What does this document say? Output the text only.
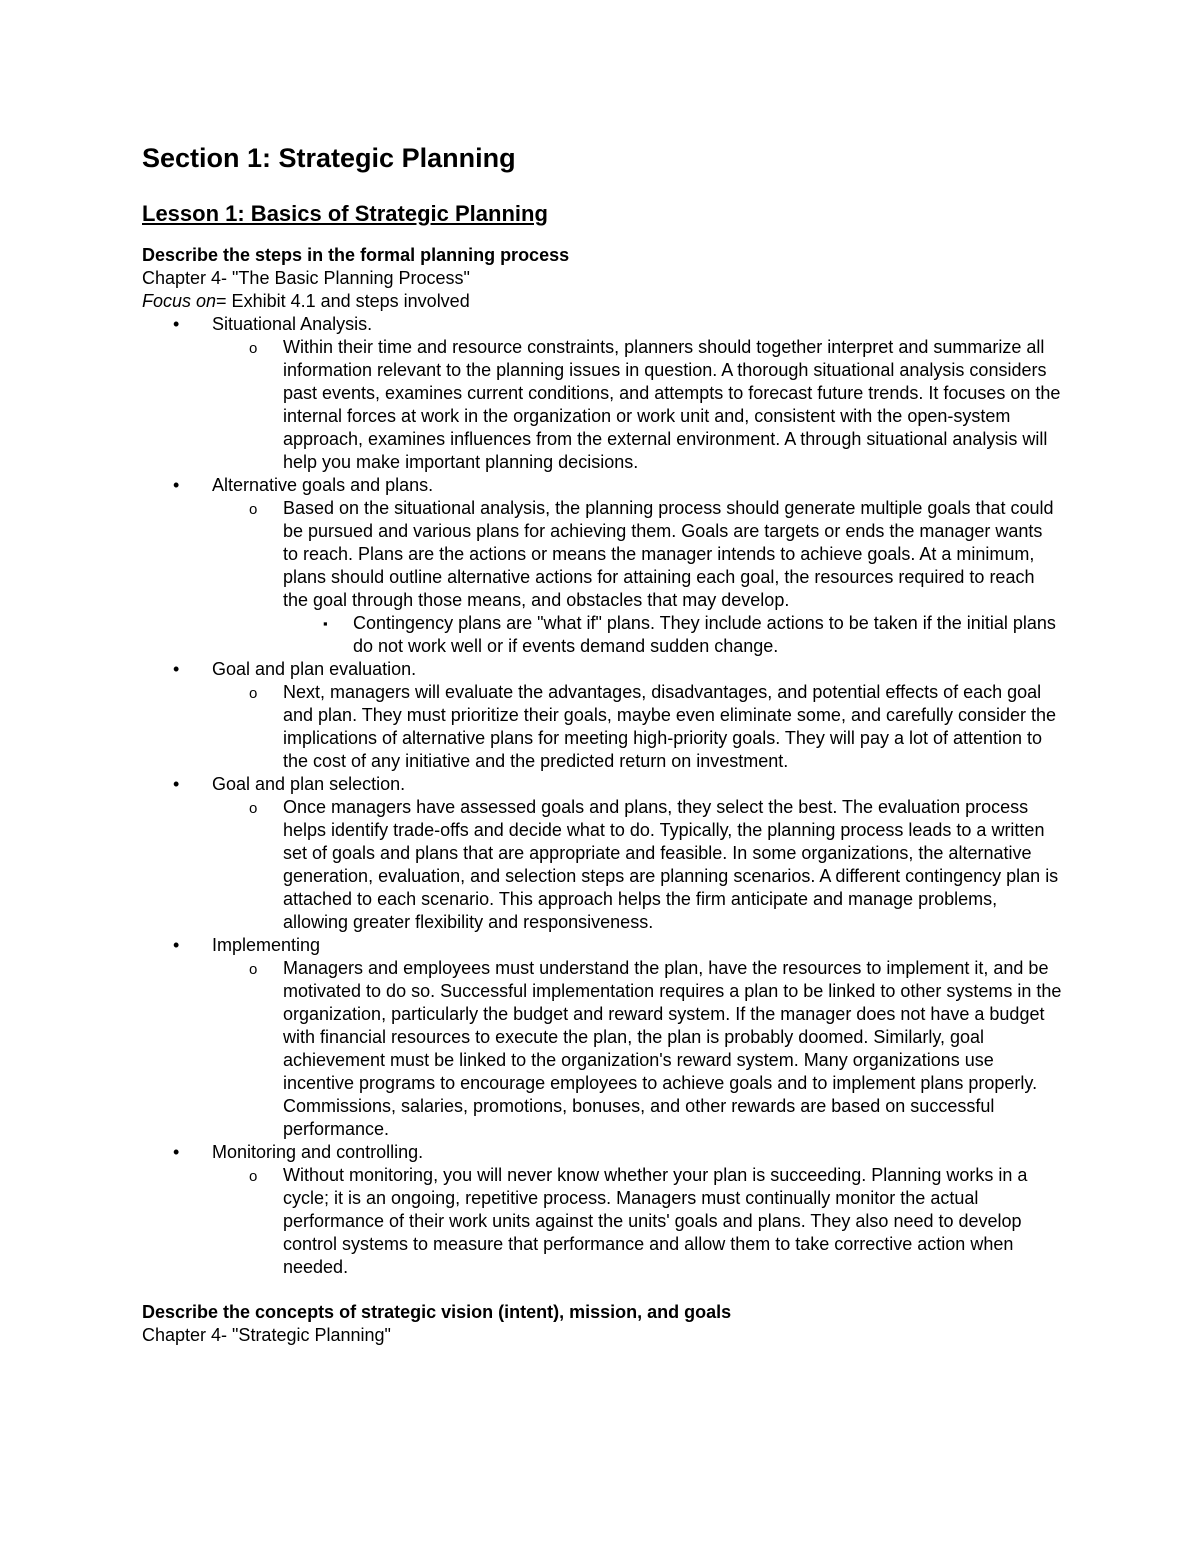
Section 1: Strategic Planning
Lesson 1: Basics of Strategic Planning

Describe the steps in the formal planning process

Chapter 4- "The Basic Planning Process"

Focus on= Exhibit 4.1 and steps involved

• Situational Analysis.
o Within their time and resource constraints, planners should together interpret and summarize all information relevant to the planning issues in question. A thorough situational analysis considers past events, examines current conditions, and attempts to forecast future trends. It focuses on the internal forces at work in the organization or work unit and, consistent with the open-system approach, examines influences from the external environment. A through situational analysis will help you make important planning decisions.
• Alternative goals and plans.
o Based on the situational analysis, the planning process should generate multiple goals that could be pursued and various plans for achieving them. Goals are targets or ends the manager wants to reach. Plans are the actions or means the manager intends to achieve goals. At a minimum, plans should outline alternative actions for attaining each goal, the resources required to reach the goal through those means, and obstacles that may develop.
▪ Contingency plans are "what if" plans. They include actions to be taken if the initial plans do not work well or if events demand sudden change.
• Goal and plan evaluation.
o Next, managers will evaluate the advantages, disadvantages, and potential effects of each goal and plan. They must prioritize their goals, maybe even eliminate some, and carefully consider the implications of alternative plans for meeting high-priority goals. They will pay a lot of attention to the cost of any initiative and the predicted return on investment.
• Goal and plan selection.
o Once managers have assessed goals and plans, they select the best. The evaluation process helps identify trade-offs and decide what to do. Typically, the planning process leads to a written set of goals and plans that are appropriate and feasible. In some organizations, the alternative generation, evaluation, and selection steps are planning scenarios. A different contingency plan is attached to each scenario. This approach helps the firm anticipate and manage problems, allowing greater flexibility and responsiveness.
• Implementing
o Managers and employees must understand the plan, have the resources to implement it, and be motivated to do so. Successful implementation requires a plan to be linked to other systems in the organization, particularly the budget and reward system. If the manager does not have a budget with financial resources to execute the plan, the plan is probably doomed. Similarly, goal achievement must be linked to the organization's reward system. Many organizations use incentive programs to encourage employees to achieve goals and to implement plans properly. Commissions, salaries, promotions, bonuses, and other rewards are based on successful performance.
• Monitoring and controlling.
o Without monitoring, you will never know whether your plan is succeeding. Planning works in a cycle; it is an ongoing, repetitive process. Managers must continually monitor the actual performance of their work units against the units' goals and plans. They also need to develop control systems to measure that performance and allow them to take corrective action when needed.

Describe the concepts of strategic vision (intent), mission, and goals

Chapter 4- "Strategic Planning"
